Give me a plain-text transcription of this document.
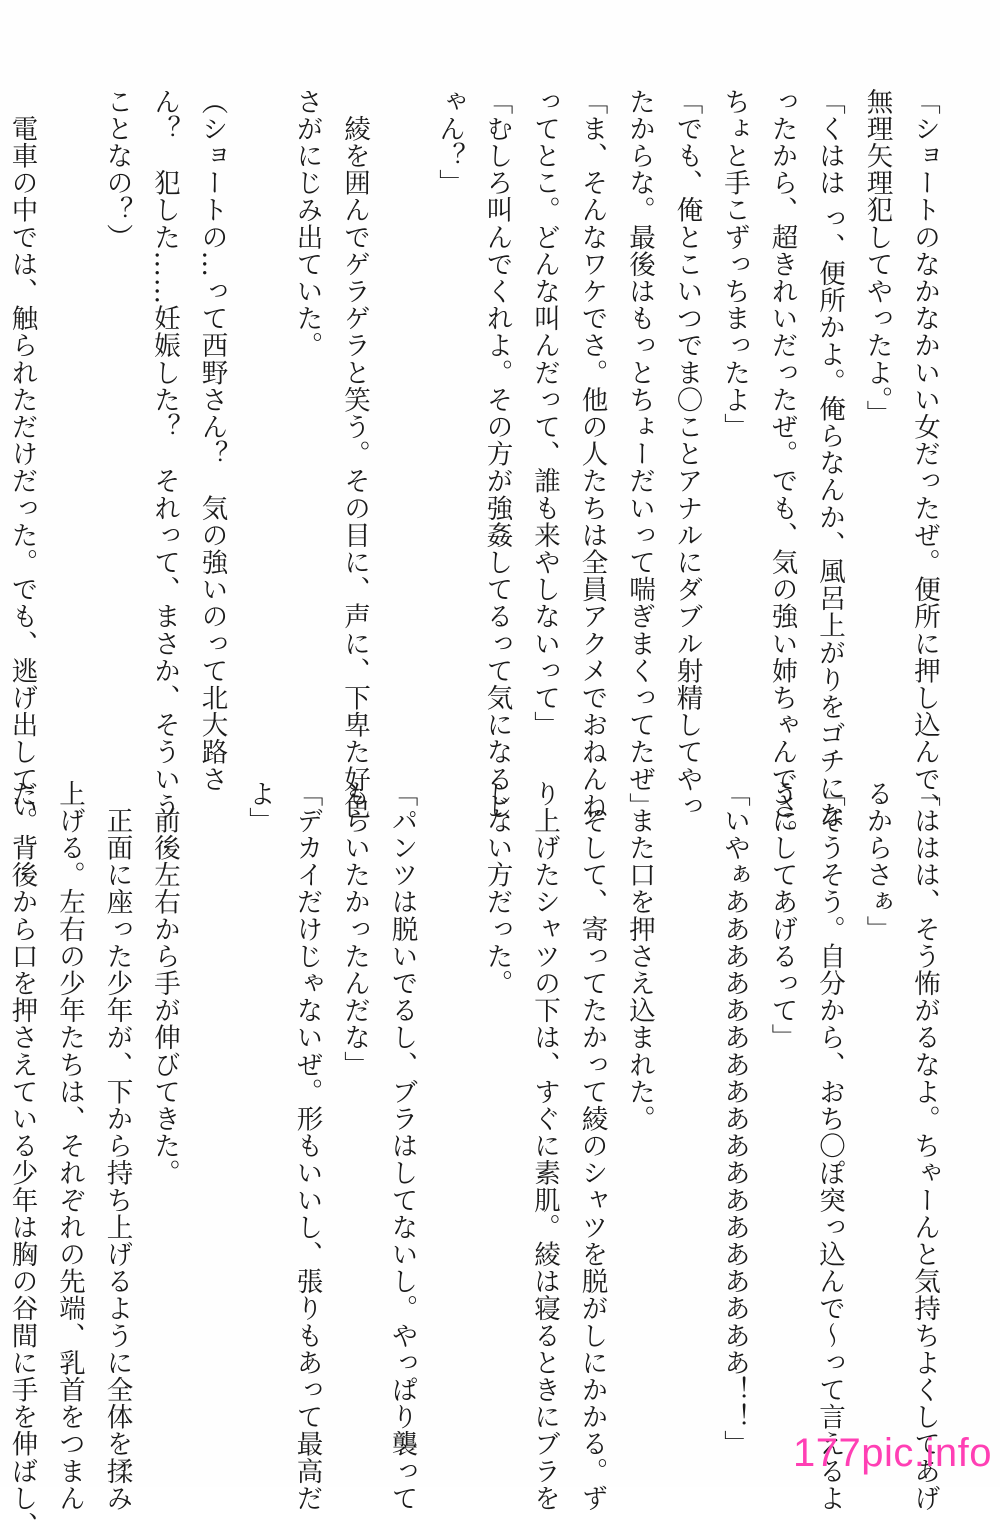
「ショートのなかなかいい女だったぜ。便所に押し込んで、
無理矢理犯してやったよ。」
「くはは っ、便所かよ。俺らなんか、風呂上がりをゴチにな
ったから、超きれいだったぜ。でも、気の強い姉ちゃんでさ。
ちょと手こずっちまったよ」
「でも、俺とこいつでま〇ことアナルにダブル射精してやっ
たからな。最後はもっとちょーだいって喘ぎまくってたぜ」
「ま、そんなワケでさ。他の人たちは全員アクメでおねんね
ってとこ。どんな叫んだって、誰も来やしないって」
「むしろ叫んでくれよ。その方が強姦してるって気になるじ
ゃん？」

　綾を囲んでゲラゲラと笑う。その目に、声に、下卑た好色
さがにじみ出ていた。

（ショートの…って西野さん？　気の強いのって北大路さ
ん？　犯した……妊娠した？　それって、まさか、そういう
ことなの？）

　電車の中では、触られただけだった。でも、逃げ出してい
「ははは、そう怖がるなよ。ちゃーんと気持ちよくしてあげ
るからさぁ」
「そうそう。自分から、おち〇ぽ突っ込んで〜って言えるよ
うにしてあげるって」
「いやぁああああああああああああああああああ！！」

　また口を押さえ込まれた。
　そして、寄ってたかって綾のシャツを脱がしにかかる。ず
り上げたシャツの下は、すぐに素肌。綾は寝るときにブラを
しない方だった。

「パンツは脱いでるし、ブラはしてないし。やっぱり襲って
もらいたかったんだな」
「デカイだけじゃないぜ。形もいいし、張りもあって最高だ
よ」

　前後左右から手が伸びてきた。
　正面に座った少年が、下から持ち上げるように全体を揉み
上げる。左右の少年たちは、それぞれの先端、乳首をつまん
だ。背後から口を押さえている少年は胸の谷間に手を伸ばし、	177pic.info
